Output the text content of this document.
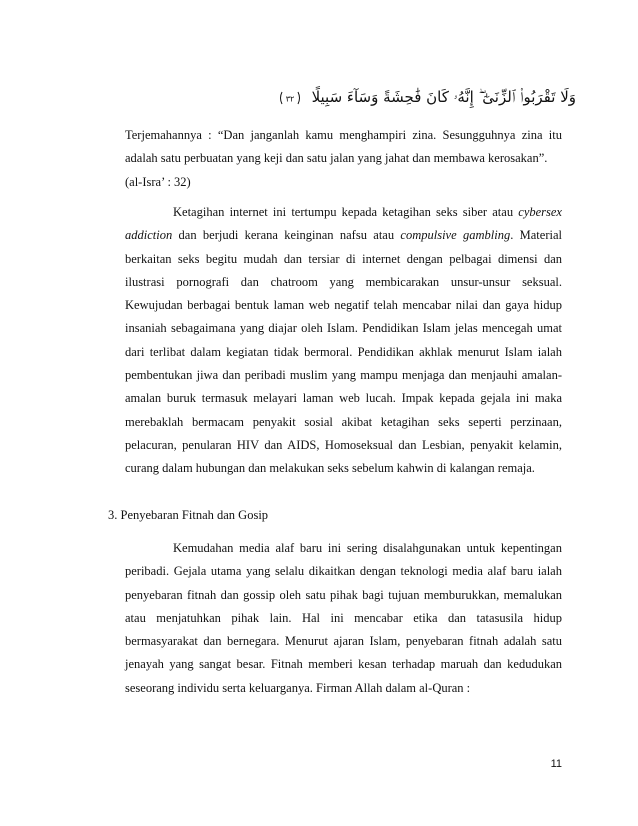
وَلَا تَقْرَبُوا۟ ٱلزِّنَىٰٓ ۖ إِنَّهُۥ كَانَ فَٰحِشَةً وَسَآءَ سَبِيلًا
٣٢

Terjemahannya : “Dan janganlah kamu menghampiri zina. Sesungguhnya zina itu adalah satu perbuatan yang keji dan satu jalan yang jahat dan membawa kerosakan”.
(al-Isra’ : 32)

Ketagihan internet ini tertumpu kepada ketagihan seks siber atau cybersex addiction dan berjudi kerana keinginan nafsu atau compulsive gambling. Material berkaitan seks begitu mudah dan tersiar di internet dengan pelbagai dimensi dan ilustrasi pornografi dan chatroom yang membicarakan unsur-unsur seksual. Kewujudan berbagai bentuk laman web negatif telah mencabar nilai dan gaya hidup insaniah sebagaimana yang diajar oleh Islam. Pendidikan Islam jelas mencegah umat dari terlibat dalam kegiatan tidak bermoral. Pendidikan akhlak menurut Islam ialah pembentukan jiwa dan peribadi muslim yang mampu menjaga dan menjauhi amalan-amalan buruk termasuk melayari laman web lucah. Impak kepada gejala ini maka merebaklah bermacam penyakit sosial akibat ketagihan seks seperti perzinaan, pelacuran, penularan HIV dan AIDS, Homoseksual dan Lesbian, penyakit kelamin, curang dalam hubungan dan melakukan seks sebelum kahwin di kalangan remaja.

3. Penyebaran Fitnah dan Gosip

Kemudahan media alaf baru ini sering disalahgunakan untuk kepentingan peribadi. Gejala utama yang selalu dikaitkan dengan teknologi media alaf baru ialah penyebaran fitnah dan gossip oleh satu pihak bagi tujuan memburukkan, memalukan atau menjatuhkan pihak lain. Hal ini mencabar etika dan tatasusila hidup bermasyarakat dan bernegara. Menurut ajaran Islam, penyebaran fitnah adalah satu jenayah yang sangat besar. Fitnah memberi kesan terhadap maruah dan kedudukan seseorang individu serta keluarganya. Firman Allah dalam al-Quran :

11
